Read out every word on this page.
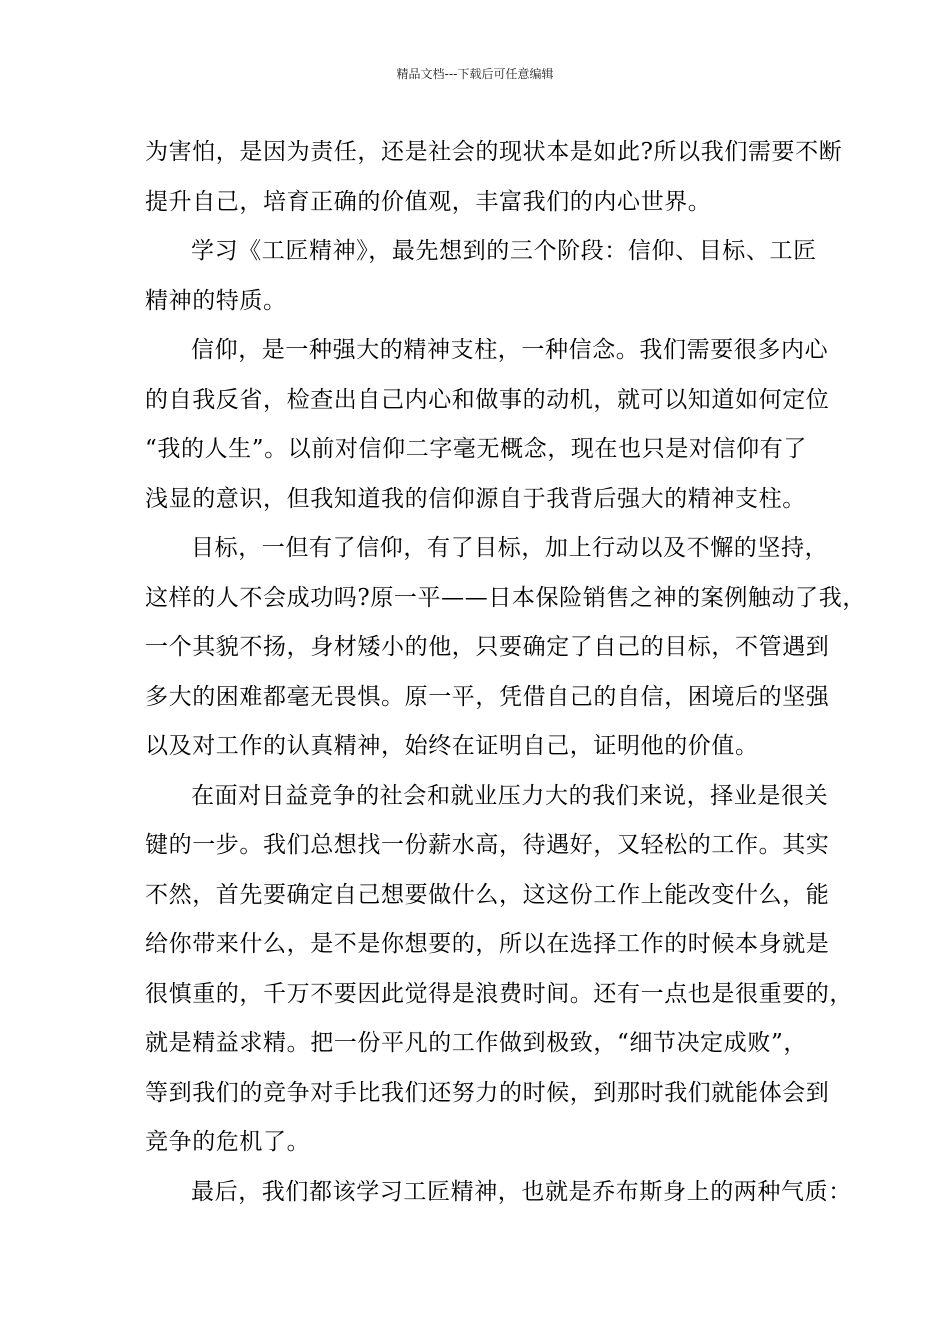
精品文档---下载后可任意编辑

为害怕，是因为责任，还是社会的现状本是如此?所以我们需要不断
提升自己，培育正确的价值观，丰富我们的内心世界。

学习《工匠精神》，最先想到的三个阶段：信仰、目标、工匠
精神的特质。

信仰，是一种强大的精神支柱，一种信念。我们需要很多内心
的自我反省，检查出自己内心和做事的动机，就可以知道如何定位
“我的人生”。以前对信仰二字毫无概念，现在也只是对信仰有了
浅显的意识，但我知道我的信仰源自于我背后强大的精神支柱。

目标，一但有了信仰，有了目标，加上行动以及不懈的坚持，
这样的人不会成功吗?原一平——日本保险销售之神的案例触动了我，
一个其貌不扬，身材矮小的他，只要确定了自己的目标，不管遇到
多大的困难都毫无畏惧。原一平，凭借自己的自信，困境后的坚强
以及对工作的认真精神，始终在证明自己，证明他的价值。

在面对日益竞争的社会和就业压力大的我们来说，择业是很关
键的一步。我们总想找一份薪水高，待遇好，又轻松的工作。其实
不然，首先要确定自己想要做什么，这这份工作上能改变什么，能
给你带来什么，是不是你想要的，所以在选择工作的时候本身就是
很慎重的，千万不要因此觉得是浪费时间。还有一点也是很重要的，
就是精益求精。把一份平凡的工作做到极致，“细节决定成败”，
等到我们的竞争对手比我们还努力的时候，到那时我们就能体会到
竞争的危机了。

最后，我们都该学习工匠精神，也就是乔布斯身上的两种气质：
